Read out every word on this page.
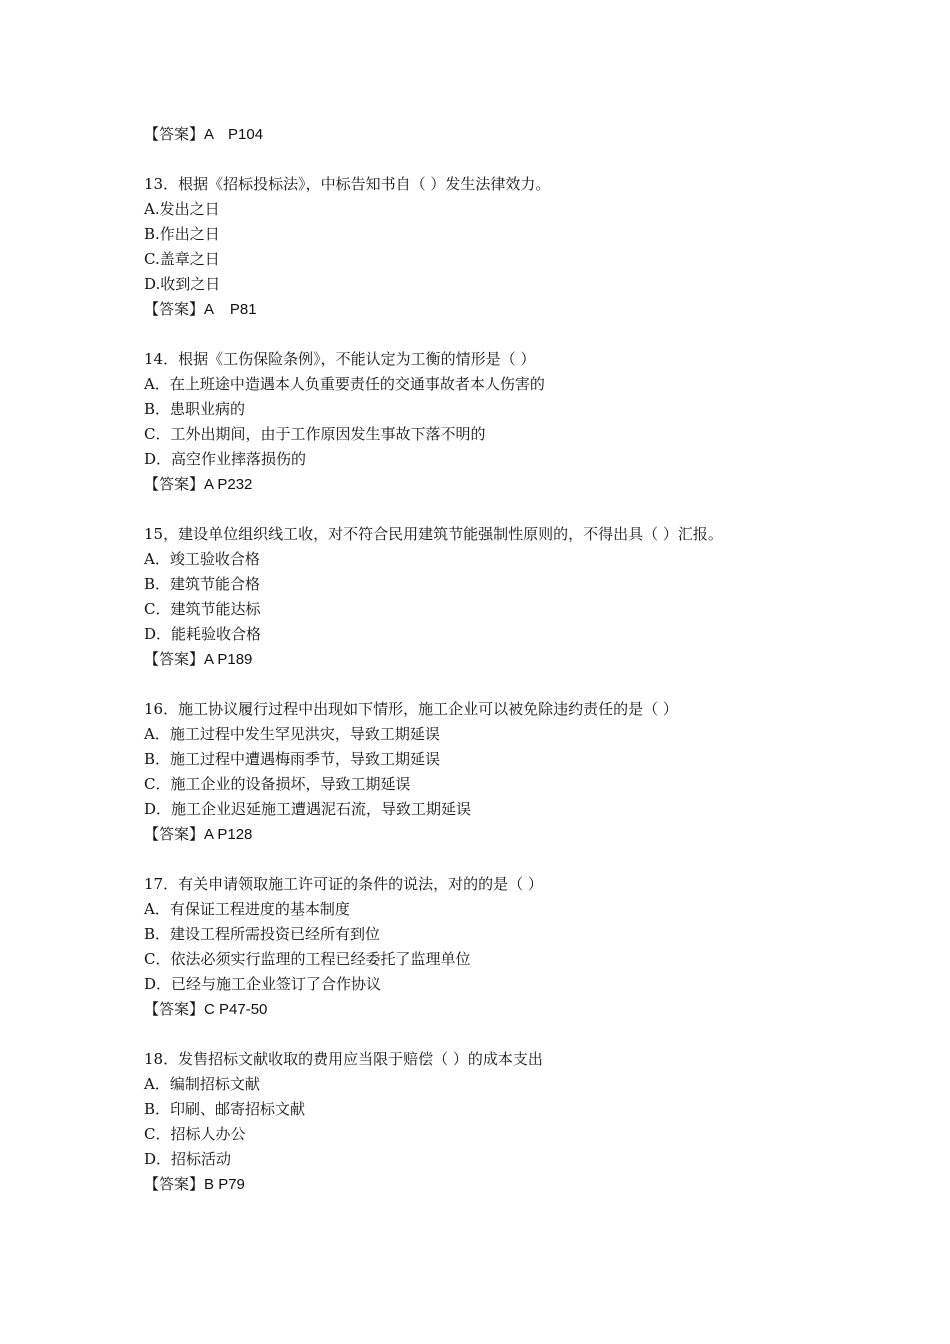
【答案】A P104
13．根据《招标投标法》，中标告知书自（ ）发生法律效力。
A.发出之日
B.作出之日
C.盖章之日
D.收到之日
【答案】A    P81
14．根据《工伤保险条例》，不能认定为工衡的情形是（ ）
A．在上班途中造遇本人负重要责任的交通事故者本人伤害的
B．患职业病的
C．工外出期间，由于工作原因发生事故下落不明的
D．高空作业摔落损伤的
【答案】A P232
15，建设单位组织线工收，对不符合民用建筑节能强制性原则的，不得出具（ ）汇报。
A．竣工验收合格
B．建筑节能合格
C．建筑节能达标
D．能耗验收合格
【答案】A P189
16．施工协议履行过程中出现如下情形，施工企业可以被免除违约责任的是（ ）
A．施工过程中发生罕见洪灾，导致工期延误
B．施工过程中遭遇梅雨季节，导致工期延误
C．施工企业的设备损坏，导致工期延误
D．施工企业迟延施工遭遇泥石流，导致工期延误
【答案】A P128
17．有关申请领取施工许可证的条件的说法，对的的是（ ）
A．有保证工程进度的基本制度
B．建设工程所需投资已经所有到位
C．依法必须实行监理的工程已经委托了监理单位
D．已经与施工企业签订了合作协议
【答案】C P47-50
18．发售招标文献收取的费用应当限于赔偿（ ）的成本支出
A．编制招标文献
B．印刷、邮寄招标文献
C．招标人办公
D．招标活动
【答案】B P79
